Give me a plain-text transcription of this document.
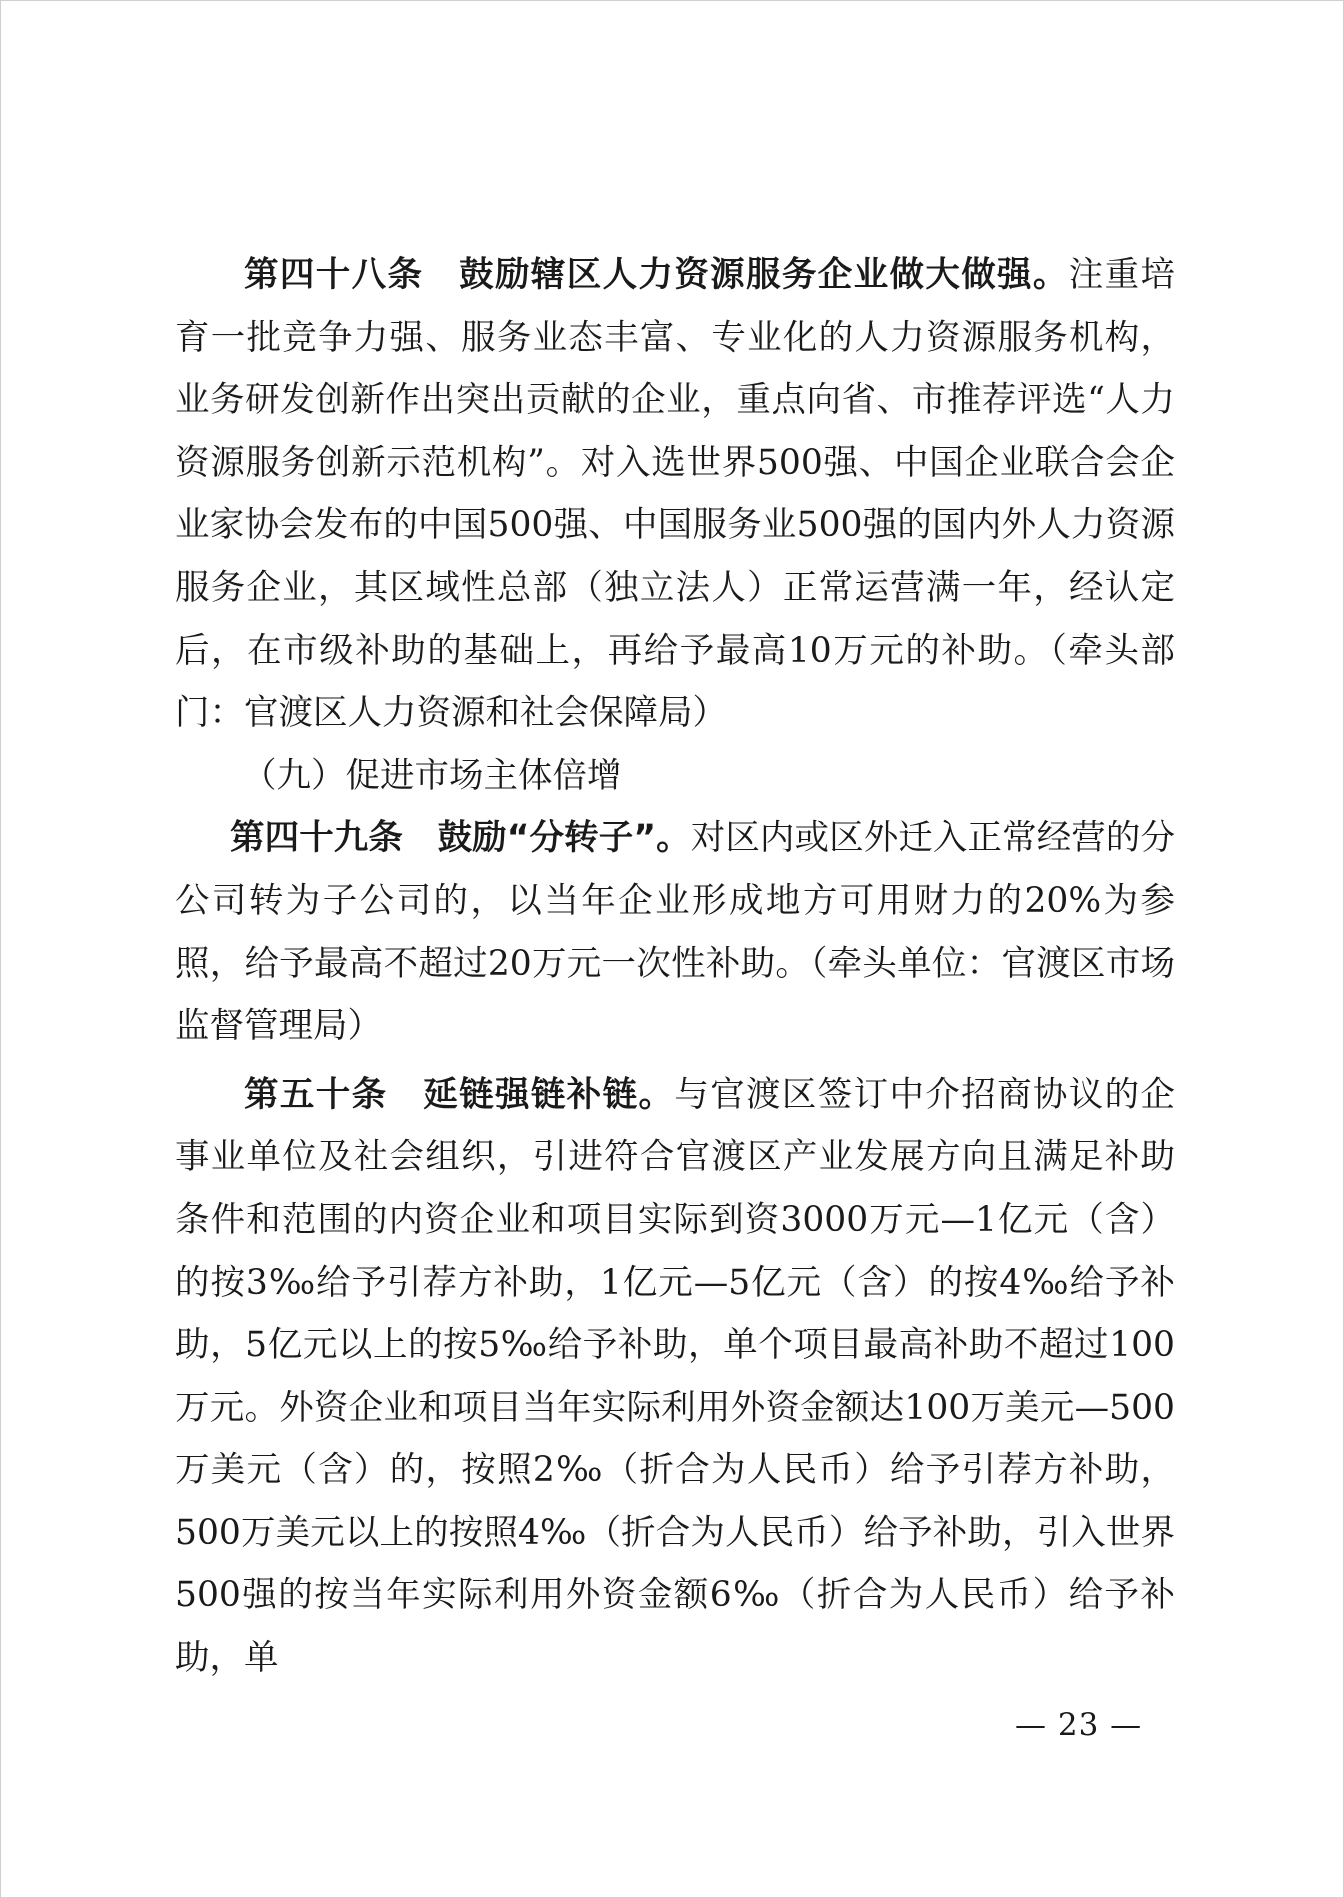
第四十八条　鼓励辖区人力资源服务企业做大做强。注重培育一批竞争力强、服务业态丰富、专业化的人力资源服务机构，业务研发创新作出突出贡献的企业，重点向省、市推荐评选“人力资源服务创新示范机构”。对入选世界500强、中国企业联合会企业家协会发布的中国500强、中国服务业500强的国内外人力资源服务企业，其区域性总部（独立法人）正常运营满一年，经认定后，在市级补助的基础上，再给予最高10万元的补助。（牵头部门：官渡区人力资源和社会保障局）

（九）促进市场主体倍增

第四十九条　鼓励“分转子”。对区内或区外迁入正常经营的分公司转为子公司的，以当年企业形成地方可用财力的20%为参照，给予最高不超过20万元一次性补助。（牵头单位：官渡区市场监督管理局）

第五十条　延链强链补链。与官渡区签订中介招商协议的企事业单位及社会组织，引进符合官渡区产业发展方向且满足补助条件和范围的内资企业和项目实际到资3000万元—1亿元（含）的按3‰给予引荐方补助，1亿元—5亿元（含）的按4‰给予补助，5亿元以上的按5‰给予补助，单个项目最高补助不超过100万元。外资企业和项目当年实际利用外资金额达100万美元—500万美元（含）的，按照2‰（折合为人民币）给予引荐方补助，500万美元以上的按照4‰（折合为人民币）给予补助，引入世界500强的按当年实际利用外资金额6‰（折合为人民币）给予补助，单

— 23 —
